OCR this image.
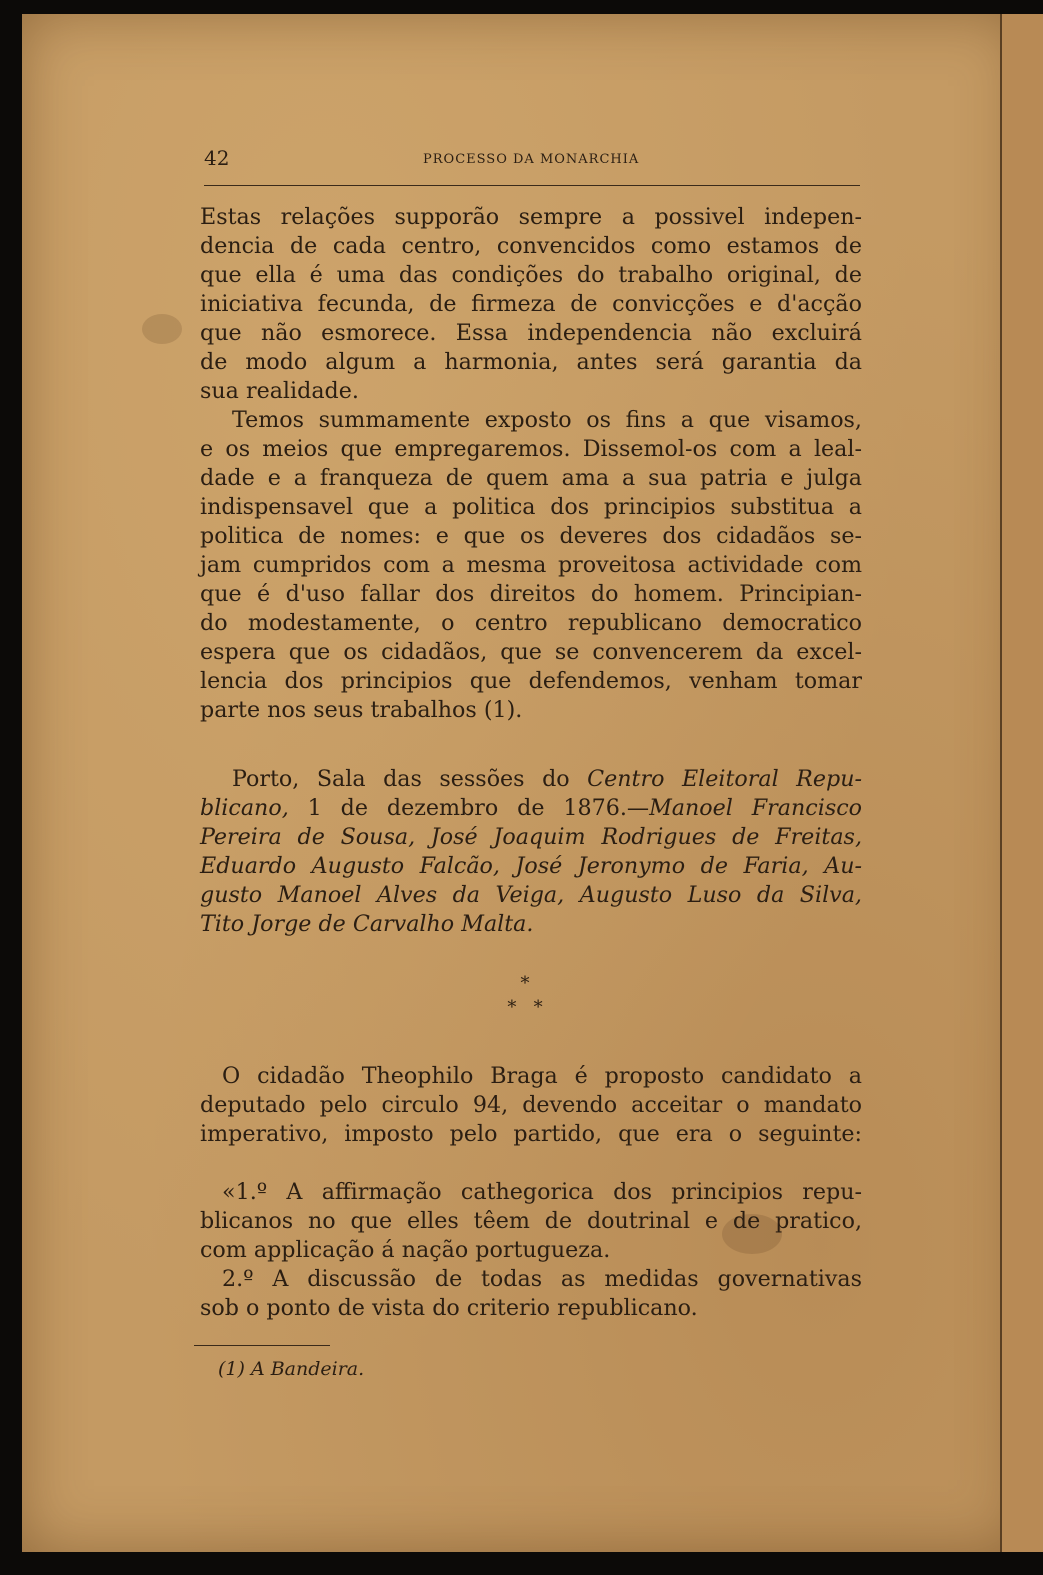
42	PROCESSO DA MONARCHIA
Estas relações supporão sempre a possivel indepen-
dencia de cada centro, convencidos como estamos de
que ella é uma das condições do trabalho original, de
iniciativa fecunda, de firmeza de convicções e d'acção
que não esmorece. Essa independencia não excluirá
de modo algum a harmonia, antes será garantia da
sua realidade.
Temos summamente exposto os fins a que visamos,
e os meios que empregaremos. Dissemol-os com a leal-
dade e a franqueza de quem ama a sua patria e julga
indispensavel que a politica dos principios substitua a
politica de nomes: e que os deveres dos cidadãos se-
jam cumpridos com a mesma proveitosa actividade com
que é d'uso fallar dos direitos do homem. Principian-
do modestamente, o centro republicano democratico
espera que os cidadãos, que se convencerem da excel-
lencia dos principios que defendemos, venham tomar
parte nos seus trabalhos (1).
Porto, Sala das sessões do Centro Eleitoral Repu-
blicano, 1 de dezembro de 1876.—Manoel Francisco
Pereira de Sousa, José Joaquim Rodrigues de Freitas,
Eduardo Augusto Falcão, José Jeronymo de Faria, Au-
gusto Manoel Alves da Veiga, Augusto Luso da Silva,
Tito Jorge de Carvalho Malta.
*
*   *
O cidadão Theophilo Braga é proposto candidato a
deputado pelo circulo 94, devendo acceitar o mandato
imperativo, imposto pelo partido, que era o seguinte:
«1.º A affirmação cathegorica dos principios repu-
blicanos no que elles têem de doutrinal e de pratico,
com applicação á nação portugueza.
2.º A discussão de todas as medidas governativas
sob o ponto de vista do criterio republicano.
(1) A Bandeira.
